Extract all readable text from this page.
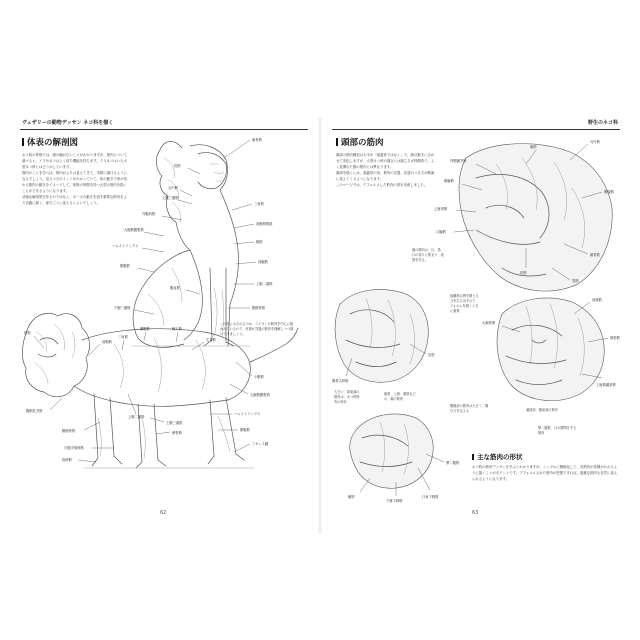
ヴェザリーの動物デッサン ネコ科を描く
体表の解剖図

ネコ科の骨格では、顔の幅が広いことがわかりますが、筋肉について調べると、イヌやネコはよく似た機能を持ちます。イヌネコはいろ大型ネコ科とはどうかしています。

筋肉のことを学べば、筋肉がよりは見えてきて、実際に描けるようになるでしょう。見るべきポイントがわかっていて、体の動きで形が変わる筋肉の動きをイメージして、体格の特徴を持つ大型の筋肉を描くことができるようになります。

評価な解剖図を作るのではなく、ポーズの動きを表す重要な筋肉をより正確に描く、部分ごとに捉えるとよいでしょう。

頬骨筋
咬筋
大円筋
上腕三頭筋
三角筋
外腹斜筋
大腿筋膜張筋
ハムストリングス
腓腹筋
腹直筋
下腿三頭筋
前腕伸筋群
胸筋
前鋸筋
上腕二頭筋
腕橈骨筋
咬筋
前胸筋
三角筋
僧帽筋	棘下筋
広背筋
小殿筋
大腿筋膜張筋
胸鎖乳突筋
腕橈骨筋
上腕二頭筋
上腕三頭筋
橈骨筋
尺側手根伸筋
ハムストリングス
腓腹筋
アキレス腱
指伸筋
この図に示されるのは、ライオンの筋肉を中心に描かれているので、体格が共通の筋肉を理解しつつ描いてみましょう。
62
野生のネコ科
頭部の筋肉

頭部の筋肉構造は大半が「頭蓋骨ではなく」で、顔の動きに合わせて変化しますが、大型ネコ科の場合には顔立ちが特徴的で、よく見慣れた猫の筋肉とは異なります。

頭部を描くには、頭蓋骨の形、筋肉の位置、皮膚のつき方が順番に見えてくるようになります。

このページでは、デフォルメした筋肉の図を用意しました。

内側翼突筋
頬筋
眼輪筋
上唇挙筋
口輪筋
咬筋
耳介筋
側頭筋
頬骨筋
笑筋
胸骨舌骨筋
皮筋
大頬骨筋
前頭筋
鼻根筋
上唇鼻翼挙筋
頤筋
下唇下制筋
口角下制筋
顎二腹筋
咀嚼筋は顎を閉じる力を生み出すので、フォルムを描くときに重要
顔の筋肉は、目、鼻、口の周りに集まり、表情を作る。
大きい、鼻前面の筋肉は、ネコ科特有の形状
頬骨、上唇、頬筋などの、頬の筋肉
側頭部の筋肉は大きく、噛む力を支える	頭頂部、額前面の筋肉
顎二腹筋、口の開閉をする筋肉
主な筋肉の形状
ネコ科の筋肉デッサンを学ぶとわかりますが、シンプルに簡略化して、各筋肉が体積がわかるように描くことがポイントです。デフォルメされた筋肉が把握できれば、複雑な筋肉も自然に捉えられるようになります。
63
